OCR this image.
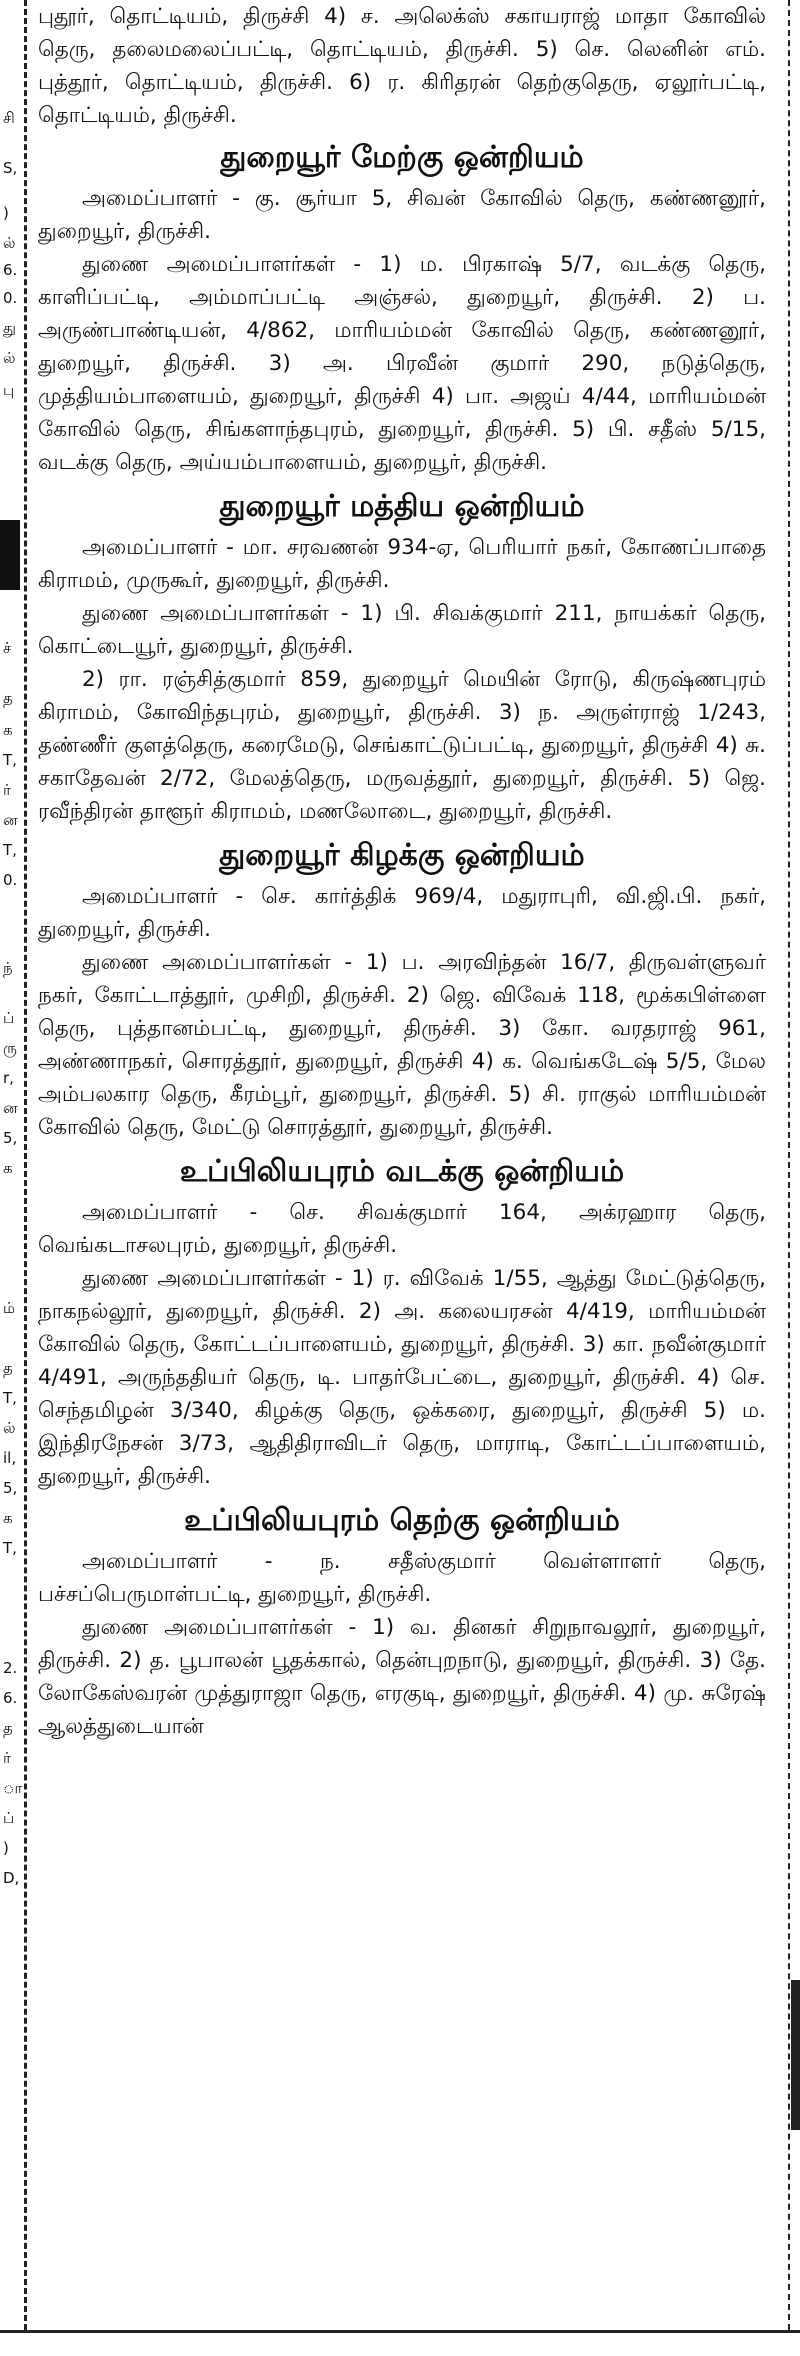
சி
S,
)
ல்
6.
0.
து
ல்
பு
ச்
த
க
T,
ர்
ன
T,
0.
ந்
ப்
ரு
r,
ன
5,
க
ம்
த
T,
ல்
il,
5,
க
T,
2.
6.
த
ர்
ா
ப்
)
D,

புதூர், தொட்டியம், திருச்சி 4) ச. அலெக்ஸ் சகாயராஜ் மாதா கோவில் தெரு, தலைமலைப்பட்டி, தொட்டியம், திருச்சி. 5) செ. லெனின் எம். புத்தூர், தொட்டியம், திருச்சி. 6) ர. கிரிதரன் தெற்குதெரு, ஏலூர்பட்டி, தொட்டியம், திருச்சி.

துறையூர் மேற்கு ஒன்றியம்

அமைப்பாளர் - கு. சூர்யா 5, சிவன் கோவில் தெரு, கண்ணனூர், துறையூர், திருச்சி.

துணை அமைப்பாளர்கள் - 1) ம. பிரகாஷ் 5/7, வடக்கு தெரு, காளிப்பட்டி, அம்மாப்பட்டி அஞ்சல், துறையூர், திருச்சி. 2) ப. அருண்பாண்டியன், 4/862, மாரியம்மன் கோவில் தெரு, கண்ணனூர், துறையூர், திருச்சி. 3) அ. பிரவீன் குமார் 290, நடுத்தெரு, முத்தியம்பாளையம், துறையூர், திருச்சி 4) பா. அஜய் 4/44, மாரியம்மன் கோவில் தெரு, சிங்களாந்தபுரம், துறையூர், திருச்சி. 5) பி. சதீஸ் 5/15, வடக்கு தெரு, அய்யம்பாளையம், துறையூர், திருச்சி.

துறையூர் மத்திய ஒன்றியம்

அமைப்பாளர் - மா. சரவணன் 934-ஏ, பெரியார் நகர், கோணப்பாதை கிராமம், முருகூர், துறையூர், திருச்சி.

துணை அமைப்பாளர்கள் - 1) பி. சிவக்குமார் 211, நாயக்கர் தெரு, கொட்டையூர், துறையூர், திருச்சி.

2) ரா. ரஞ்சித்குமார் 859, துறையூர் மெயின் ரோடு, கிருஷ்ணபுரம் கிராமம், கோவிந்தபுரம், துறையூர், திருச்சி. 3) ந. அருள்ராஜ் 1/243, தண்ணீர் குளத்தெரு, கரைமேடு, செங்காட்டுப்பட்டி, துறையூர், திருச்சி 4) சு. சகாதேவன் 2/72, மேலத்தெரு, மருவத்தூர், துறையூர், திருச்சி. 5) ஜெ. ரவீந்திரன் தாளூர் கிராமம், மணலோடை, துறையூர், திருச்சி.

துறையூர் கிழக்கு ஒன்றியம்

அமைப்பாளர் - செ. கார்த்திக் 969/4, மதுராபுரி, வி.ஜி.பி. நகர், துறையூர், திருச்சி.

துணை அமைப்பாளர்கள் - 1) ப. அரவிந்தன் 16/7, திருவள்ளுவர் நகர், கோட்டாத்தூர், முசிறி, திருச்சி. 2) ஜெ. விவேக் 118, மூக்கபிள்ளை தெரு, புத்தானம்பட்டி, துறையூர், திருச்சி. 3) கோ. வரதராஜ் 961, அண்ணாநகர், சொரத்தூர், துறையூர், திருச்சி 4) க. வெங்கடேஷ் 5/5, மேல அம்பலகார தெரு, கீரம்பூர், துறையூர், திருச்சி. 5) சி. ராகுல் மாரியம்மன் கோவில் தெரு, மேட்டு சொரத்தூர், துறையூர், திருச்சி.

உப்பிலியபுரம் வடக்கு ஒன்றியம்

அமைப்பாளர் - செ. சிவக்குமார் 164, அக்ரஹார தெரு, வெங்கடாசலபுரம், துறையூர், திருச்சி.

துணை அமைப்பாளர்கள் - 1) ர. விவேக் 1/55, ஆத்து மேட்டுத்தெரு, நாகநல்லூர், துறையூர், திருச்சி. 2) அ. கலையரசன் 4/419, மாரியம்மன் கோவில் தெரு, கோட்டப்பாளையம், துறையூர், திருச்சி. 3) கா. நவீன்குமார் 4/491, அருந்ததியர் தெரு, டி. பாதர்பேட்டை, துறையூர், திருச்சி. 4) செ. செந்தமிழன் 3/340, கிழக்கு தெரு, ஒக்கரை, துறையூர், திருச்சி 5) ம. இந்திரநேசன் 3/73, ஆதிதிராவிடர் தெரு, மாராடி, கோட்டப்பாளையம், துறையூர், திருச்சி.

உப்பிலியபுரம் தெற்கு ஒன்றியம்

அமைப்பாளர் - ந. சதீஸ்குமார் வெள்ளாளர் தெரு, பச்சப்பெருமாள்பட்டி, துறையூர், திருச்சி.

துணை அமைப்பாளர்கள் - 1) வ. தினகர் சிறுநாவலூர், துறையூர், திருச்சி. 2) த. பூபாலன் பூதக்கால், தென்புறநாடு, துறையூர், திருச்சி. 3) தே. லோகேஸ்வரன் முத்துராஜா தெரு, எரகுடி, துறையூர், திருச்சி. 4) மு. சுரேஷ் ஆலத்துடையான்
